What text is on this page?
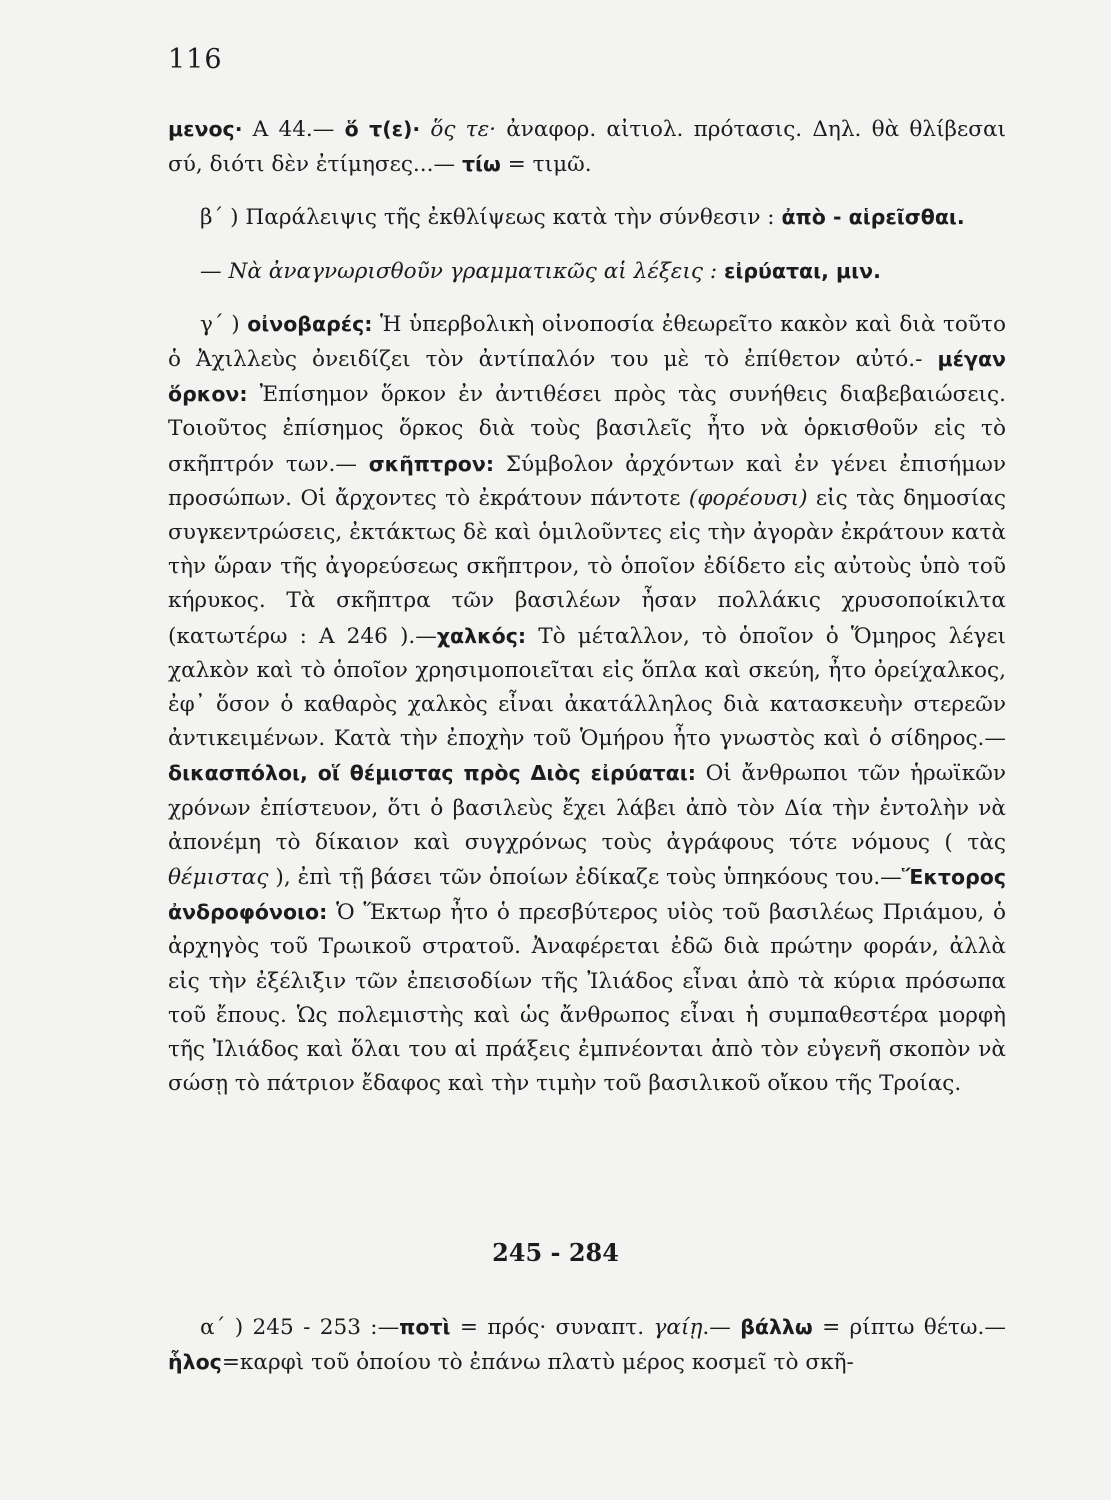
116

μενος· Α 44.— ὅ τ(ε)· ὅς τε· ἀναφορ. αἰτιολ. πρότασις. Δηλ. θὰ θλίβεσαι σύ, διότι δὲν ἐτίμησες...— τίω = τιμῶ.

β΄ ) Παράλειψις τῆς ἐκθλίψεως κατὰ τὴν σύνθεσιν : ἀπὸ - αἱρεῖσθαι.

— Νὰ ἀναγνωρισθοῦν γραμματικῶς αἱ λέξεις : εἰρύαται, μιν.

γ΄ ) οἰνοβαρές: Ἡ ὑπερβολικὴ οἰνοποσία ἐθεωρεῖτο κακὸν καὶ διὰ τοῦτο ὁ Ἀχιλλεὺς ὀνειδίζει τὸν ἀντίπαλόν του μὲ τὸ ἐπίθετον αὐτό.- μέγαν ὅρκον: Ἐπίσημον ὅρκον ἐν ἀντιθέσει πρὸς τὰς συνήθεις διαβεβαιώσεις. Τοιοῦτος ἐπίσημος ὅρκος διὰ τοὺς βασιλεῖς ἦτο νὰ ὁρκισθοῦν εἰς τὸ σκῆπτρόν των.— σκῆπτρον: Σύμβολον ἀρχόντων καὶ ἐν γένει ἐπισήμων προσώπων. Οἱ ἄρχοντες τὸ ἐκράτουν πάντοτε (φορέουσι) εἰς τὰς δημοσίας συγκεντρώσεις, ἐκτάκτως δὲ καὶ ὁμιλοῦντες εἰς τὴν ἀγορὰν ἐκράτουν κατὰ τὴν ὥραν τῆς ἀγορεύσεως σκῆπτρον, τὸ ὁποῖον ἐδίδετο εἰς αὐτοὺς ὑπὸ τοῦ κήρυκος. Τὰ σκῆπτρα τῶν βασιλέων ἦσαν πολλάκις χρυσοποίκιλτα (κατωτέρω : Α 246 ).—χαλκός: Τὸ μέταλλον, τὸ ὁποῖον ὁ Ὅμηρος λέγει χαλκὸν καὶ τὸ ὁποῖον χρησιμοποιεῖται εἰς ὅπλα καὶ σκεύη, ἦτο ὀρείχαλκος, ἐφ᾽ ὅσον ὁ καθαρὸς χαλκὸς εἶναι ἀκατάλληλος διὰ κατασκευὴν στερεῶν ἀντικειμένων. Κατὰ τὴν ἐποχὴν τοῦ Ὁμήρου ἦτο γνωστὸς καὶ ὁ σίδηρος.—δικασπόλοι, οἵ θέμιστας πρὸς Διὸς εἰρύαται: Οἱ ἄνθρωποι τῶν ἡρωϊκῶν χρόνων ἐπίστευον, ὅτι ὁ βασιλεὺς ἔχει λάβει ἀπὸ τὸν Δία τὴν ἐντολὴν νὰ ἀπονέμη τὸ δίκαιον καὶ συγχρόνως τοὺς ἀγράφους τότε νόμους ( τὰς θέμιστας ), ἐπὶ τῇ βάσει τῶν ὁποίων ἐδίκαζε τοὺς ὑπηκόους του.—Ἕκτορος ἀνδροφόνοιο: Ὁ Ἕκτωρ ἦτο ὁ πρεσβύτερος υἱὸς τοῦ βασιλέως Πριάμου, ὁ ἀρχηγὸς τοῦ Τρωικοῦ στρατοῦ. Ἀναφέρεται ἐδῶ διὰ πρώτην φοράν, ἀλλὰ εἰς τὴν ἐξέλιξιν τῶν ἐπεισοδίων τῆς Ἰλιάδος εἶναι ἀπὸ τὰ κύρια πρόσωπα τοῦ ἔπους. Ὡς πολεμιστὴς καὶ ὡς ἄνθρωπος εἶναι ἡ συμπαθεστέρα μορφὴ τῆς Ἰλιάδος καὶ ὅλαι του αἱ πράξεις ἐμπνέονται ἀπὸ τὸν εὐγενῆ σκοπὸν νὰ σώσῃ τὸ πάτριον ἔδαφος καὶ τὴν τιμὴν τοῦ βασιλικοῦ οἴκου τῆς Τροίας.

245 - 284

α΄ ) 245 - 253 :—ποτὶ = πρός· συναπτ. γαίῃ.— βάλλω = ρίπτω θέτω.—ἧλος=καρφὶ τοῦ ὁποίου τὸ ἐπάνω πλατὺ μέρος κοσμεῖ τὸ σκῆ-
